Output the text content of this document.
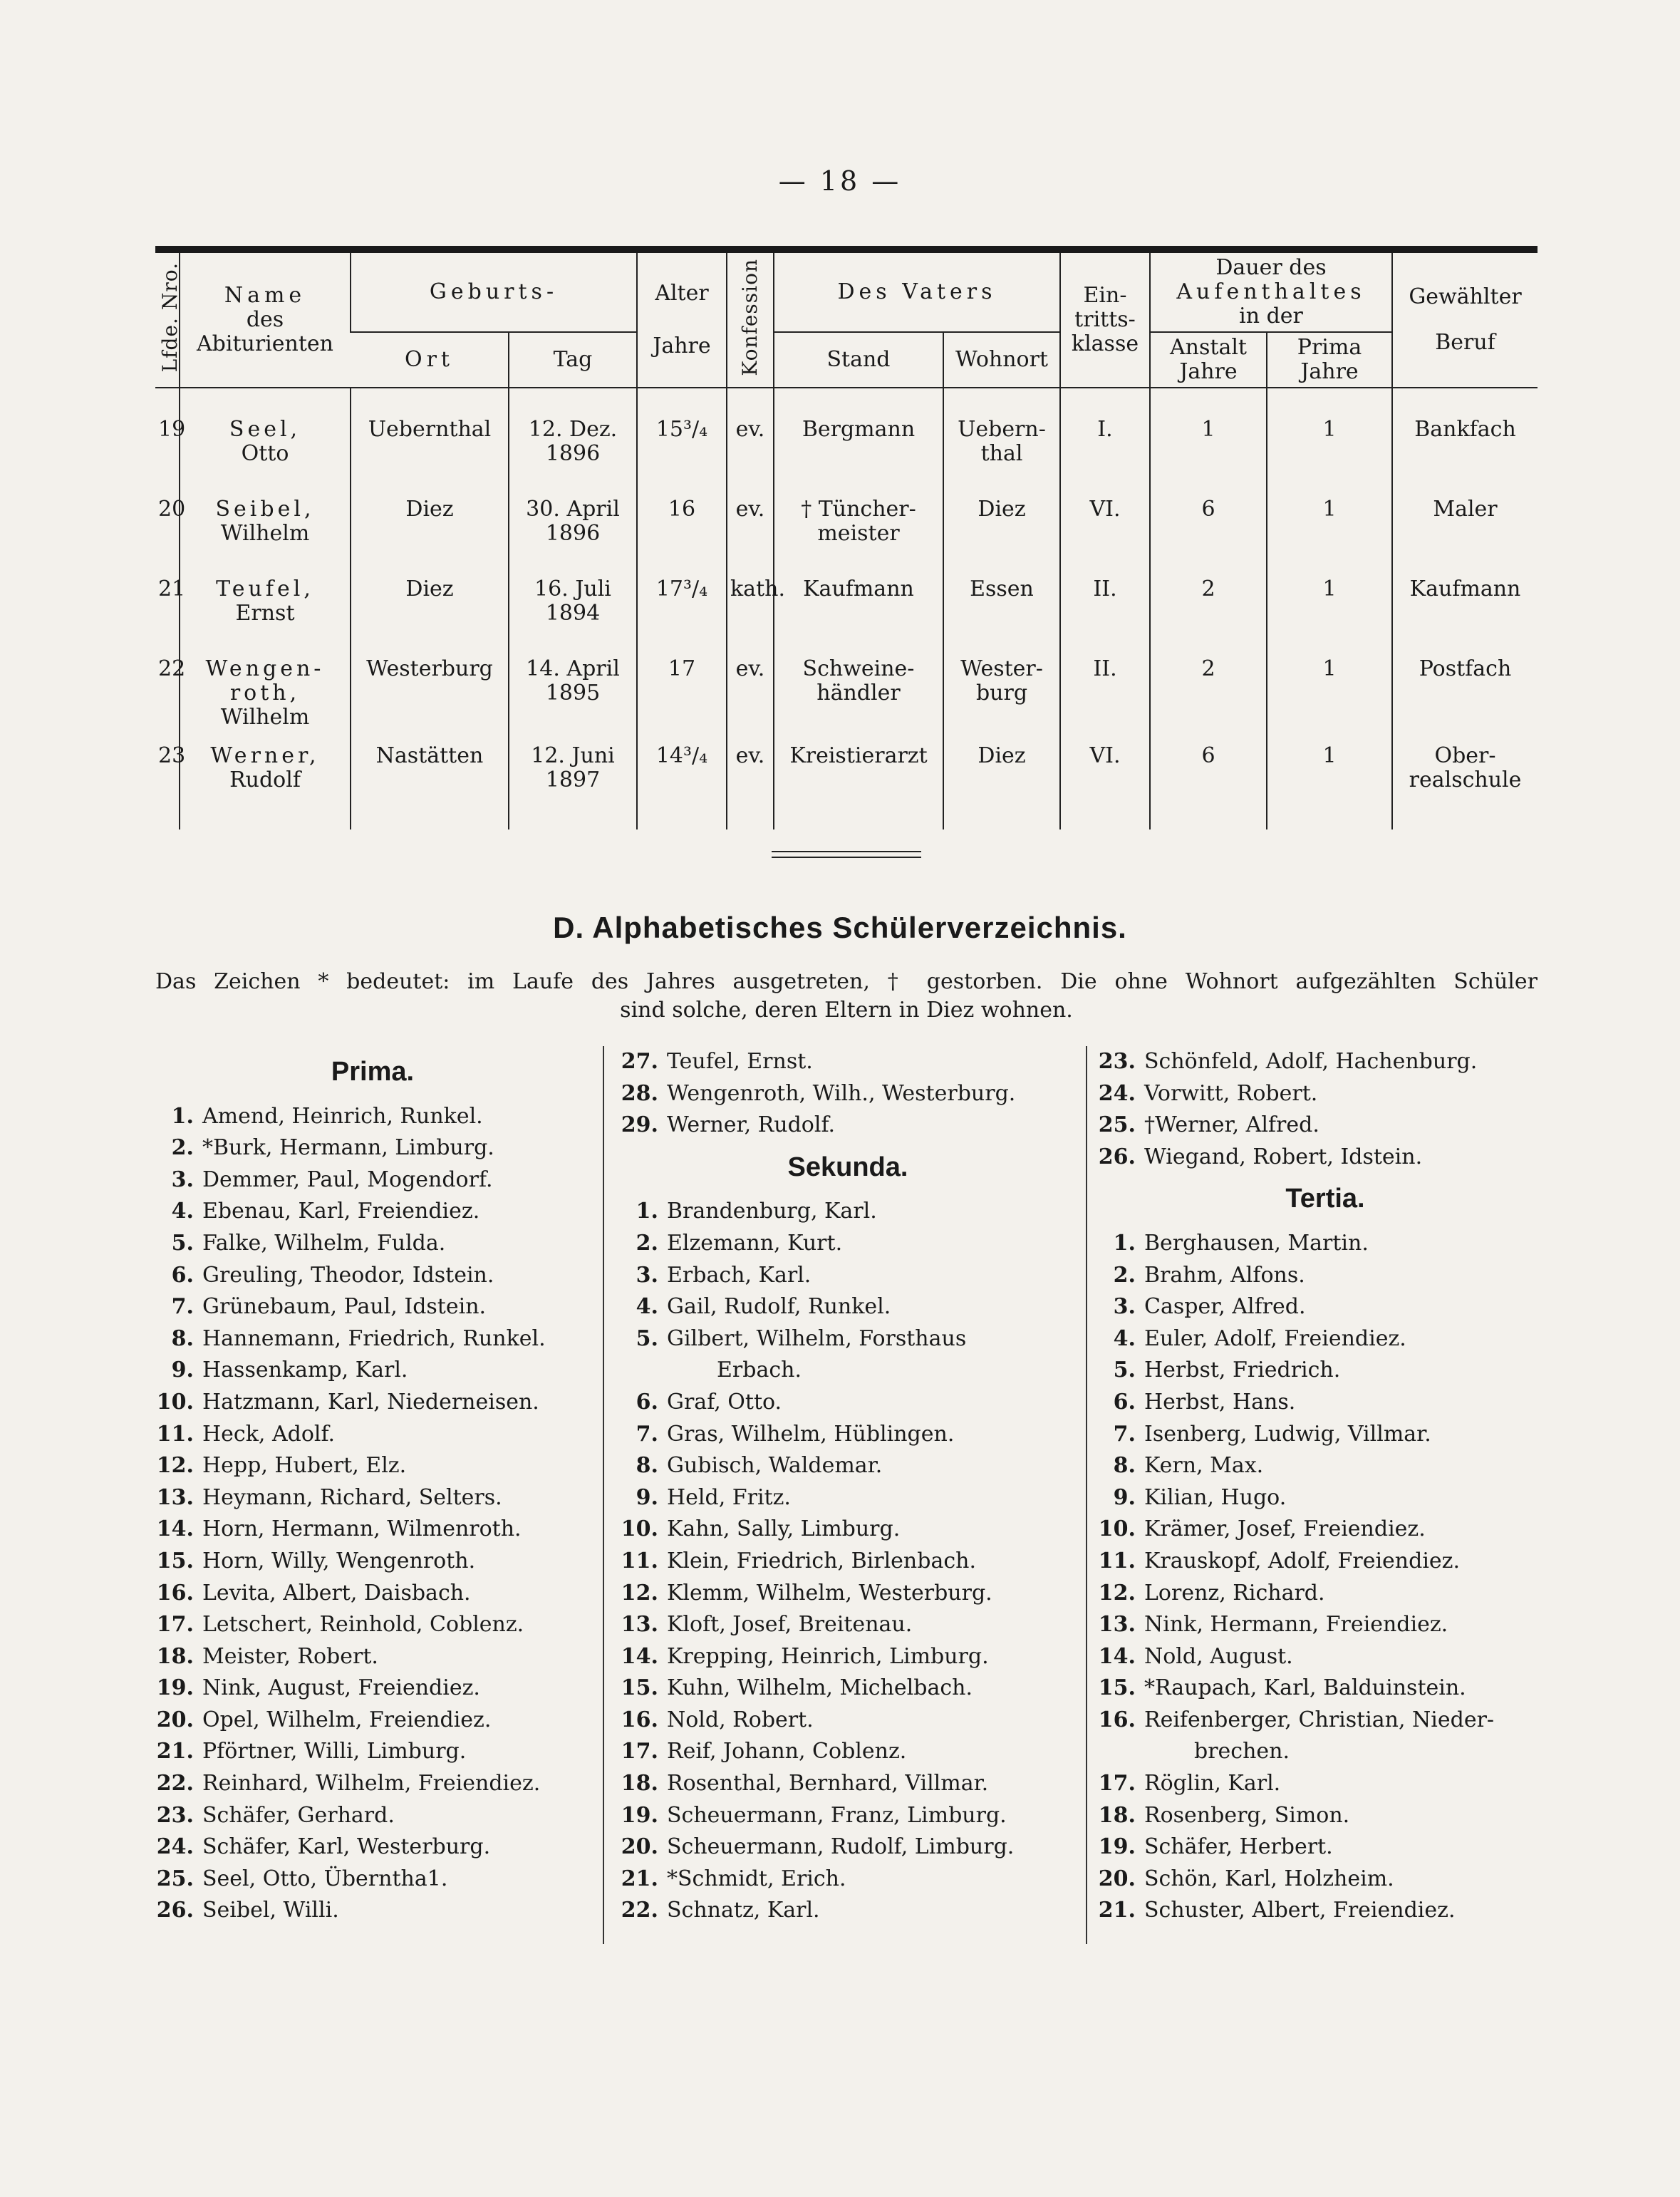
— 18 —
Lfde. Nro.	Name
des
Abiturienten	Geburts-		Alter
Jahre	Konfession	Des Vaters		Ein-
tritts-
klasse	Dauer des
Aufenthaltes
in der		Gewählter
Beruf

		Ort	Tag			Stand	Wohnort		Anstalt
Jahre	Prima
Jahre	

19	Seel,
Otto	Uebernthal	12. Dez.
1896	15³/₄	ev.	Bergmann	Uebern-
thal	I.	1	1	Bankfach

20	Seibel,
Wilhelm	Diez	30. April
1896	16	ev.	† Tüncher-
meister	Diez	VI.	6	1	Maler

21	Teufel,
Ernst	Diez	16. Juli
1894	17³/₄	kath.	Kaufmann	Essen	II.	2	1	Kaufmann

22	Wengen-
roth,
Wilhelm	Westerburg	14. April
1895	17	ev.	Schweine-
händler	Wester-
burg	II.	2	1	Postfach

23	Werner,
Rudolf	Nastätten	12. Juni
1897	14³/₄	ev.	Kreistierarzt	Diez	VI.	6	1	Ober-
realschule
D. Alphabetisches Schülerverzeichnis.
Das Zeichen * bedeutet: im Laufe des Jahres ausgetreten, † gestorben. Die ohne Wohnort aufgezählten Schüler
sind solche, deren Eltern in Diez wohnen.
Prima.
1. Amend, Heinrich, Runkel.
2. *Burk, Hermann, Limburg.
3. Demmer, Paul, Mogendorf.
4. Ebenau, Karl, Freiendiez.
5. Falke, Wilhelm, Fulda.
6. Greuling, Theodor, Idstein.
7. Grünebaum, Paul, Idstein.
8. Hannemann, Friedrich, Runkel.
9. Hassenkamp, Karl.
10. Hatzmann, Karl, Niederneisen.
11. Heck, Adolf.
12. Hepp, Hubert, Elz.
13. Heymann, Richard, Selters.
14. Horn, Hermann, Wilmenroth.
15. Horn, Willy, Wengenroth.
16. Levita, Albert, Daisbach.
17. Letschert, Reinhold, Coblenz.
18. Meister, Robert.
19. Nink, August, Freiendiez.
20. Opel, Wilhelm, Freiendiez.
21. Pförtner, Willi, Limburg.
22. Reinhard, Wilhelm, Freiendiez.
23. Schäfer, Gerhard.
24. Schäfer, Karl, Westerburg.
25. Seel, Otto, Überntha1.
26. Seibel, Willi.
27. Teufel, Ernst.
28. Wengenroth, Wilh., Westerburg.
29. Werner, Rudolf.
Sekunda.
1. Brandenburg, Karl.
2. Elzemann, Kurt.
3. Erbach, Karl.
4. Gail, Rudolf, Runkel.
5. Gilbert, Wilhelm, Forsthaus
Erbach.
6. Graf, Otto.
7. Gras, Wilhelm, Hüblingen.
8. Gubisch, Waldemar.
9. Held, Fritz.
10. Kahn, Sally, Limburg.
11. Klein, Friedrich, Birlenbach.
12. Klemm, Wilhelm, Westerburg.
13. Kloft, Josef, Breitenau.
14. Krepping, Heinrich, Limburg.
15. Kuhn, Wilhelm, Michelbach.
16. Nold, Robert.
17. Reif, Johann, Coblenz.
18. Rosenthal, Bernhard, Villmar.
19. Scheuermann, Franz, Limburg.
20. Scheuermann, Rudolf, Limburg.
21. *Schmidt, Erich.
22. Schnatz, Karl.
23. Schönfeld, Adolf, Hachenburg.
24. Vorwitt, Robert.
25. †Werner, Alfred.
26. Wiegand, Robert, Idstein.
Tertia.
1. Berghausen, Martin.
2. Brahm, Alfons.
3. Casper, Alfred.
4. Euler, Adolf, Freiendiez.
5. Herbst, Friedrich.
6. Herbst, Hans.
7. Isenberg, Ludwig, Villmar.
8. Kern, Max.
9. Kilian, Hugo.
10. Krämer, Josef, Freiendiez.
11. Krauskopf, Adolf, Freiendiez.
12. Lorenz, Richard.
13. Nink, Hermann, Freiendiez.
14. Nold, August.
15. *Raupach, Karl, Balduinstein.
16. Reifenberger, Christian, Nieder-
brechen.
17. Röglin, Karl.
18. Rosenberg, Simon.
19. Schäfer, Herbert.
20. Schön, Karl, Holzheim.
21. Schuster, Albert, Freiendiez.
